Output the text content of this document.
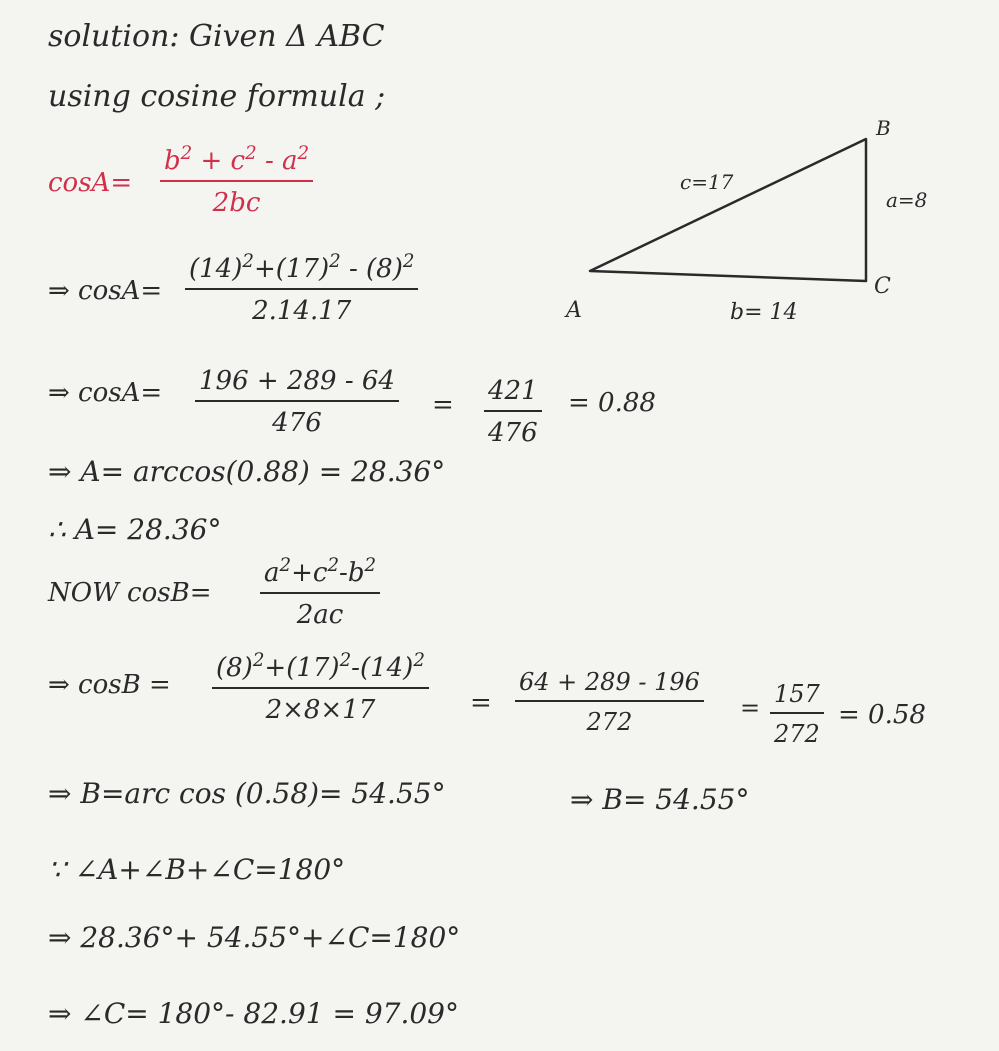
solution: Given Δ ABC
using cosine formula ;
cosA=
$b^2 + c^2 - a^2$
2bc
⇒ cosA=
$(14)^2+(17)^2 - (8)^2$
2.14.17
⇒ cosA= 196 + 289 - 64
476
= 421
476
= 0.88
⇒ A= arccos(0.88) = 28.36°
∴ A= 28.36°
NOW cosB=
$a^2+c^2-b^2$
2ac
⇒ cosB =
$(8)^2+(17)^2-(14)^2$
2×8×17	=
64 + 289 - 196
272	= 157
272
= 0.58
⇒ B=arc cos (0.58)= 54.55°	⇒ B= 54.55°
∵ ∠A+∠B+∠C=180°
⇒ 28.36°+ 54.55°+∠C=180°
⇒ ∠C= 180°- 82.91 = 97.09°
A
B
C
c=17
a=8
b= 14
